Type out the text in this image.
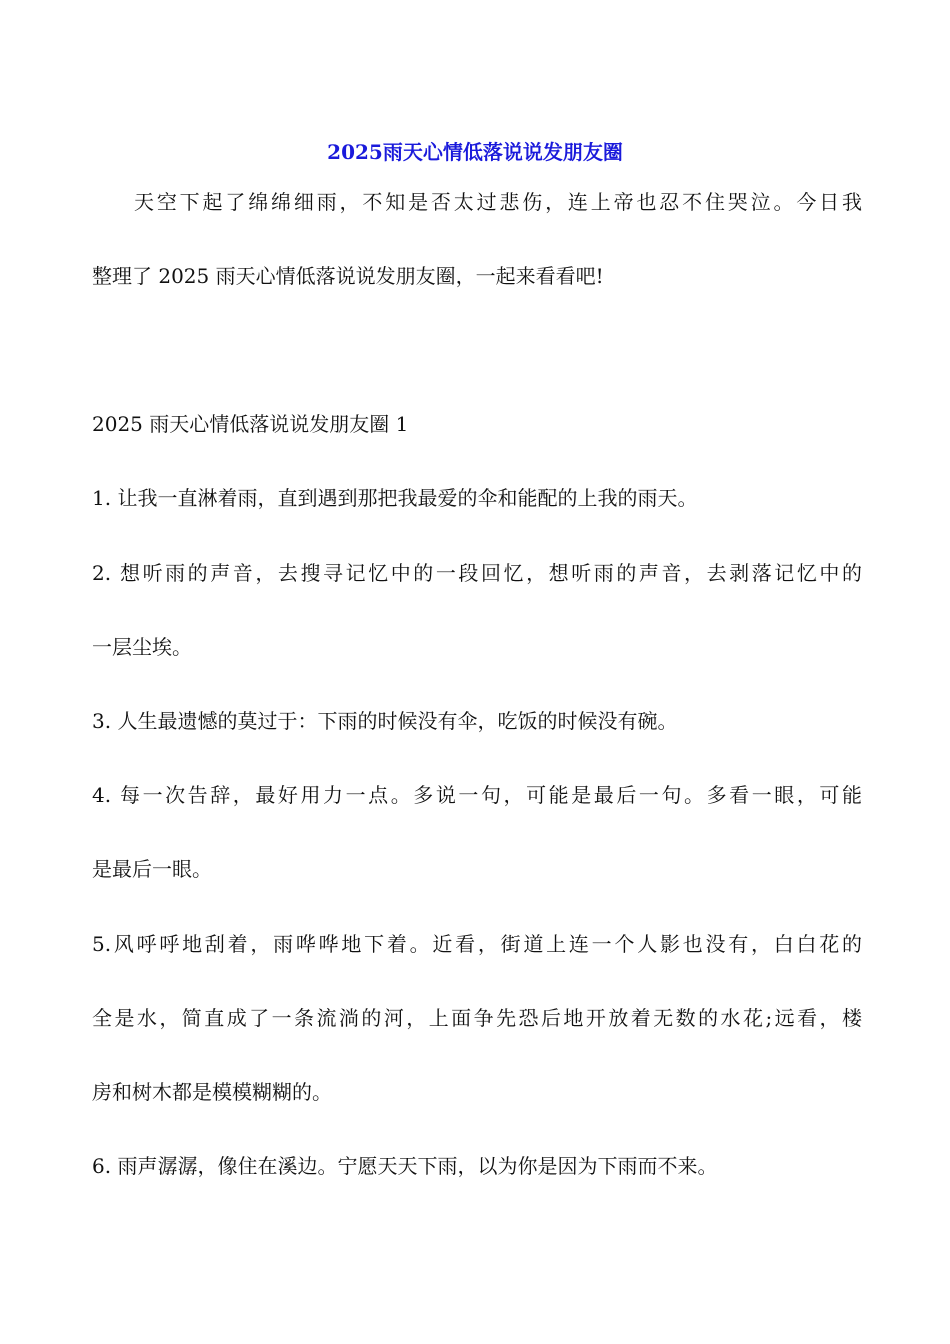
2025雨天心情低落说说发朋友圈

天空下起了绵绵细雨，不知是否太过悲伤，连上帝也忍不住哭泣。今日我

整理了 2025 雨天心情低落说说发朋友圈，一起来看看吧!

2025 雨天心情低落说说发朋友圈 1

1. 让我一直淋着雨，直到遇到那把我最爱的伞和能配的上我的雨天。

2. 想听雨的声音，去搜寻记忆中的一段回忆，想听雨的声音，去剥落记忆中的

一层尘埃。

3. 人生最遗憾的莫过于：下雨的时候没有伞，吃饭的时候没有碗。

4. 每一次告辞，最好用力一点。多说一句，可能是最后一句。多看一眼，可能

是最后一眼。

5.风呼呼地刮着，雨哗哗地下着。近看，街道上连一个人影也没有，白白花的

全是水，简直成了一条流淌的河，上面争先恐后地开放着无数的水花;远看，楼

房和树木都是模模糊糊的。

6. 雨声潺潺，像住在溪边。宁愿天天下雨，以为你是因为下雨而不来。
